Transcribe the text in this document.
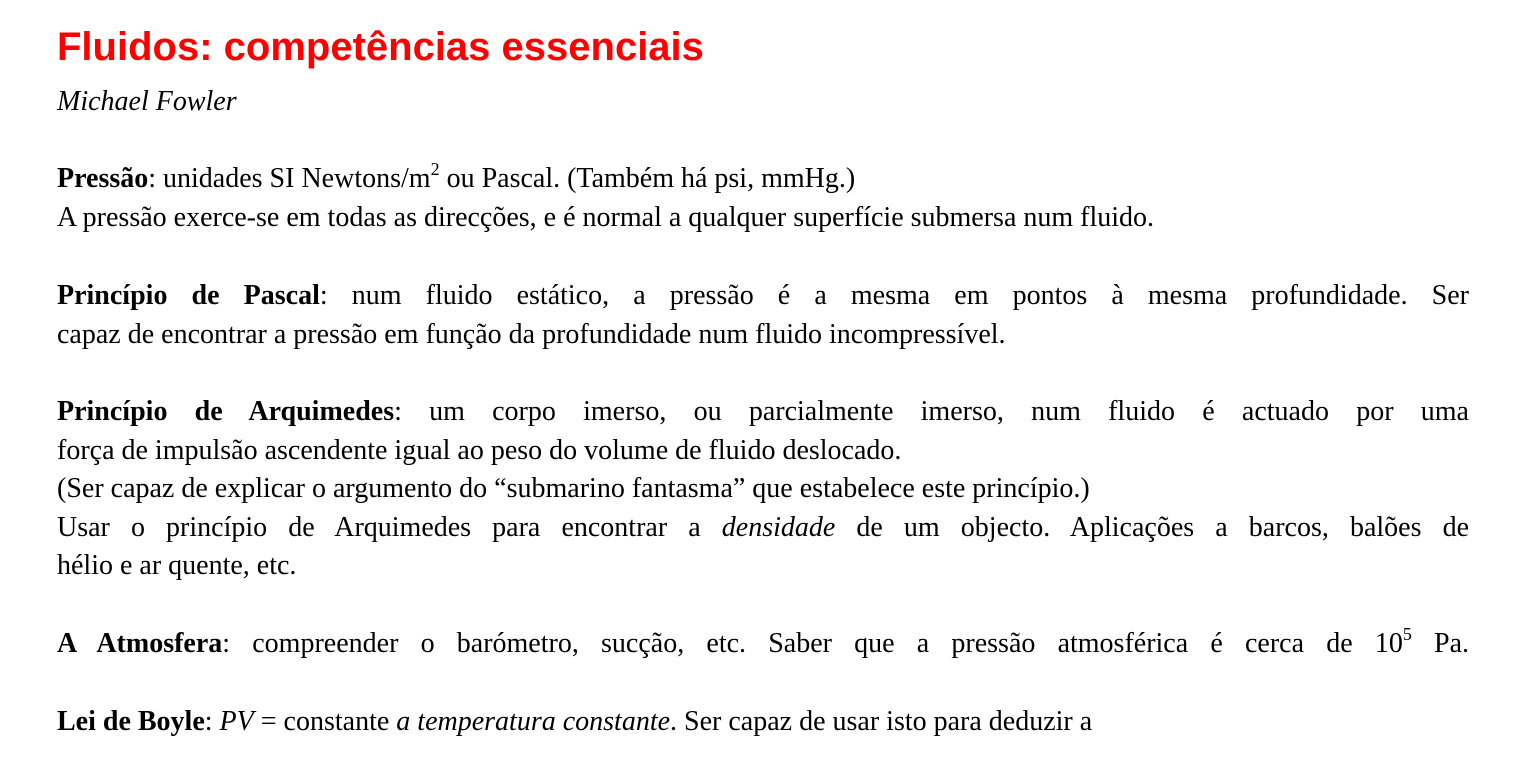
Fluidos: competências essenciais
Michael Fowler
Pressão: unidades SI Newtons/$m^2$ ou Pascal. (Também há psi, mmHg.)
A pressão exerce-se em todas as direcções, e é normal a qualquer superfície submersa num fluido.
Princípio de Pascal: num fluido estático, a pressão é a mesma em pontos à mesma profundidade. Ser
capaz de encontrar a pressão em função da profundidade num fluido incompressível.
Princípio de Arquimedes: um corpo imerso, ou parcialmente imerso, num fluido é actuado por uma
força de impulsão ascendente igual ao peso do volume de fluido deslocado.
(Ser capaz de explicar o argumento do “submarino fantasma” que estabelece este princípio.)
Usar o princípio de Arquimedes para encontrar a densidade de um objecto. Aplicações a barcos, balões de
hélio e ar quente, etc.
A Atmosfera: compreender o barómetro, sucção, etc. Saber que a pressão atmosférica é cerca de $10^5$ Pa.
Lei de Boyle: PV = constante a temperatura constante. Ser capaz de usar isto para deduzir a
